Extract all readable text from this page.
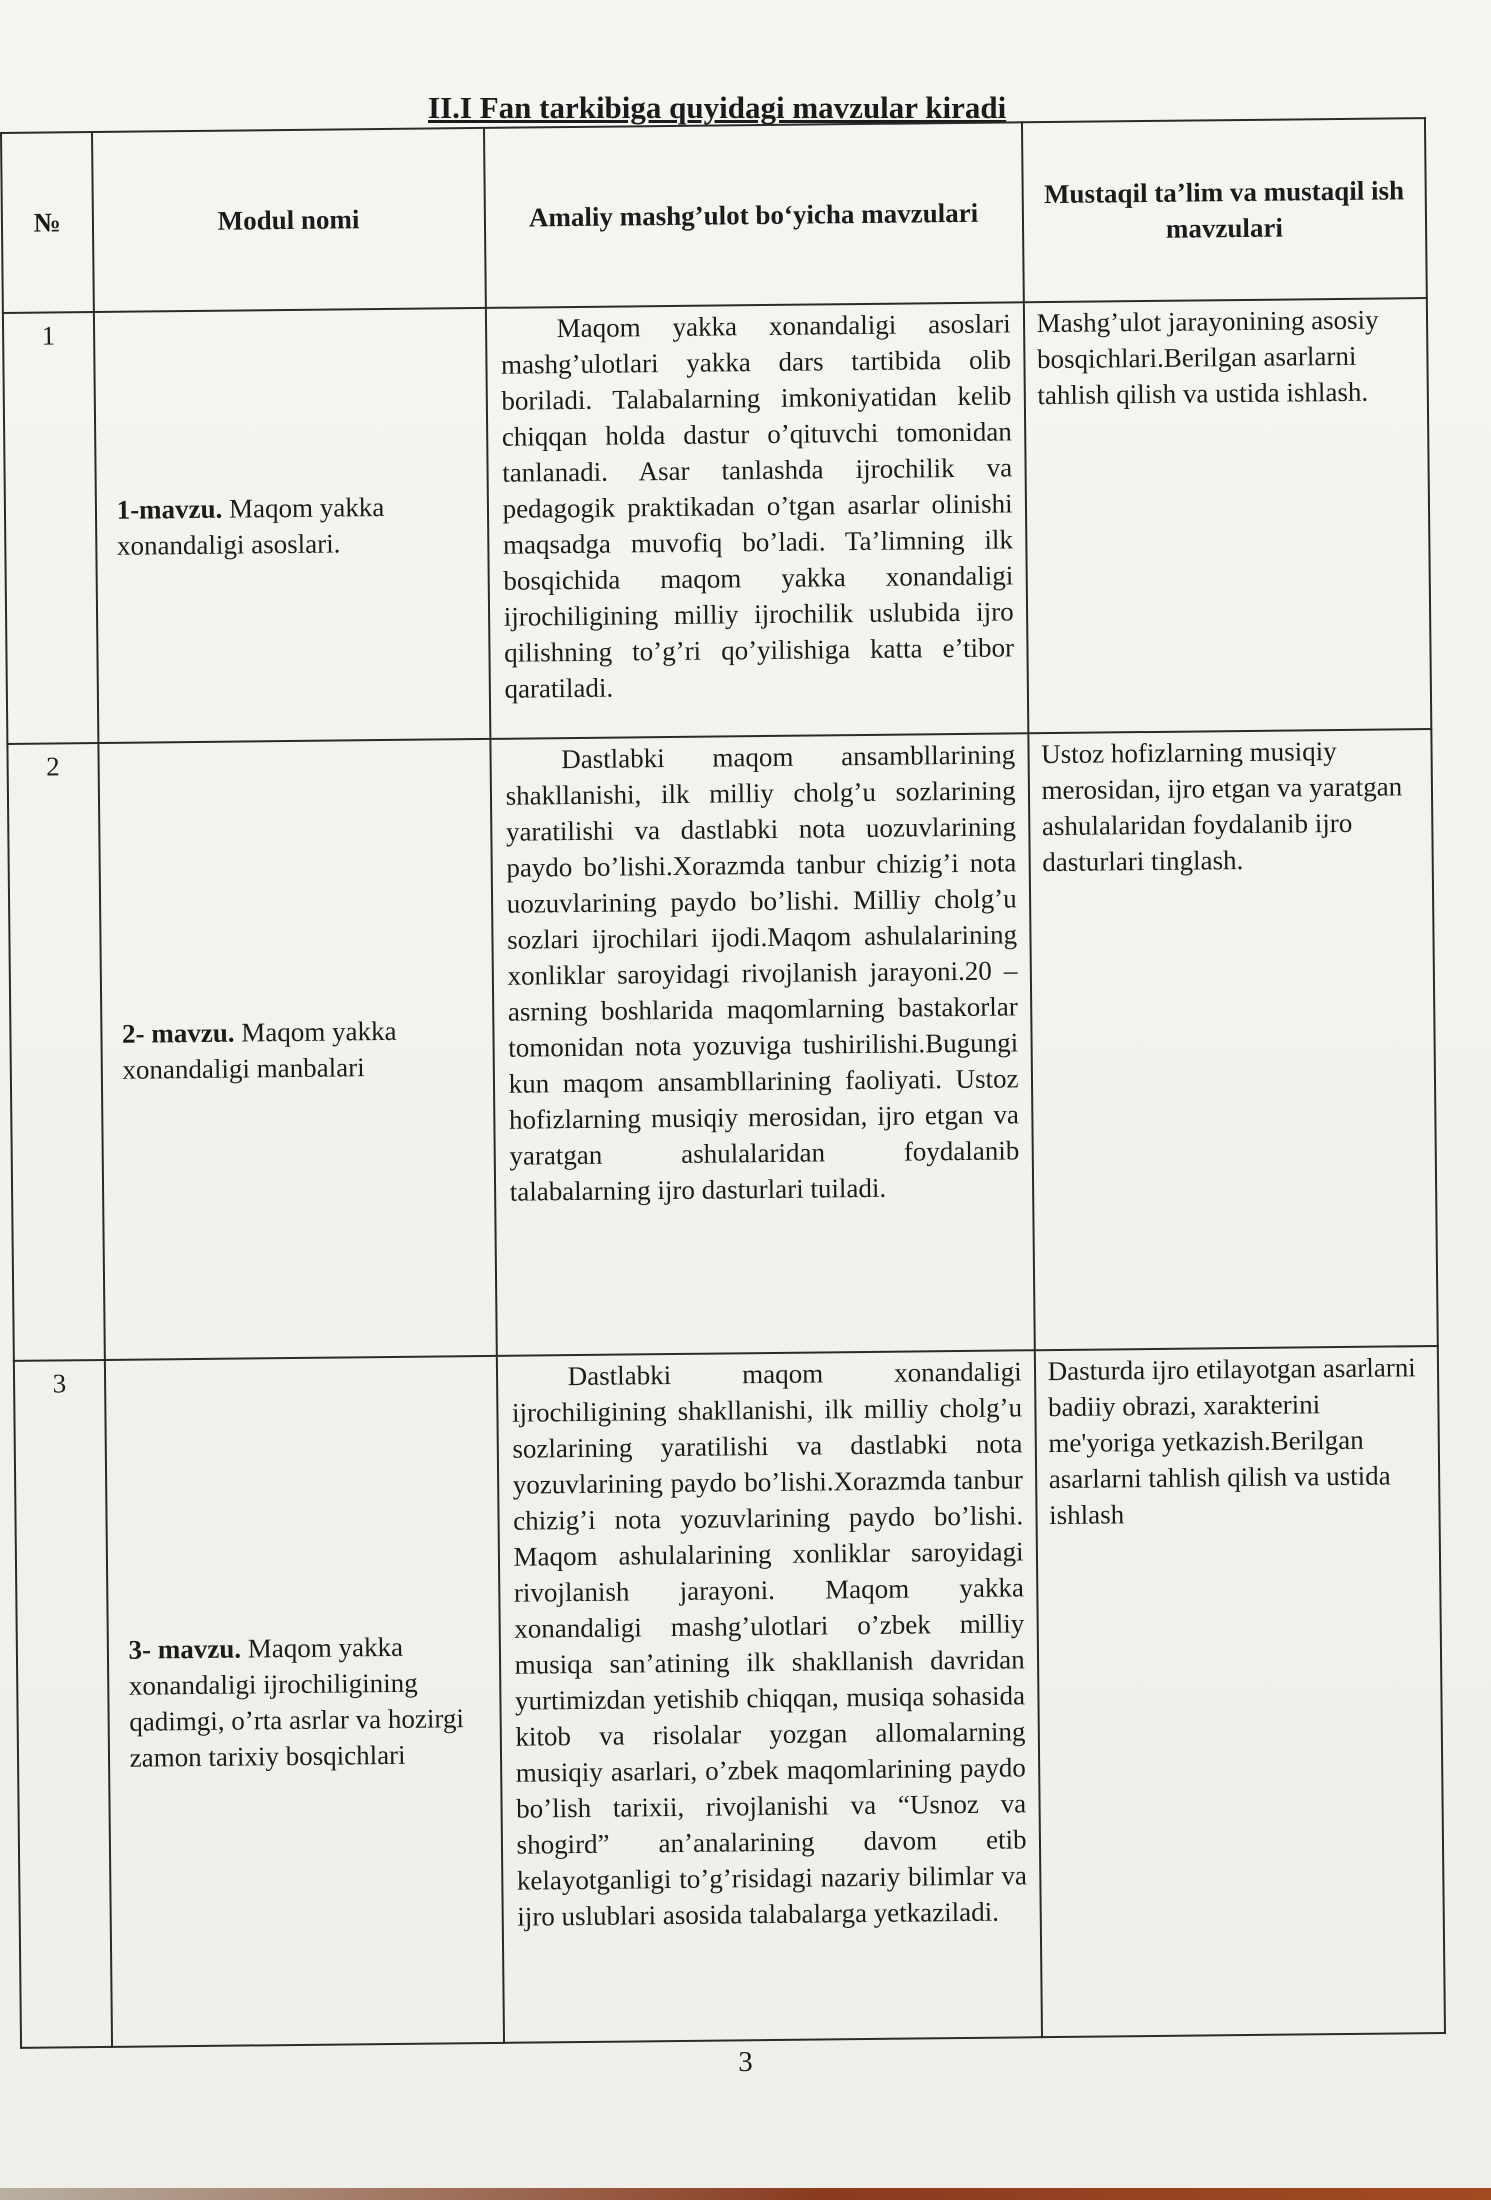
II.I Fan tarkibiga quyidagi mavzular kiradi
№	Modul nomi	Amaliy mashg’ulot bo‘yicha mavzulari	Mustaqil ta’lim va mustaqil ish mavzulari
1	1-mavzu. Maqom yakka xonandaligi asoslari.	Maqom yakka xonandaligi asoslari mashg’ulotlari yakka dars tartibida olib boriladi. Talabalarning imkoniyatidan kelib chiqqan holda dastur o’qituvchi tomonidan tanlanadi. Asar tanlashda ijrochilik va pedagogik praktikadan o’tgan asarlar olinishi maqsadga muvofiq bo’ladi. Ta’limning ilk bosqichida maqom yakka xonandaligi ijrochiligining milliy ijrochilik uslubida ijro qilishning to’g’ri qo’yilishiga katta e’tibor qaratiladi.	Mashg’ulot jarayonining asosiy bosqichlari.Berilgan asarlarni tahlish qilish va ustida ishlash.
2	2- mavzu. Maqom yakka xonandaligi manbalari	Dastlabki maqom ansambllarining shakllanishi, ilk milliy cholg’u sozlarining yaratilishi va dastlabki nota uozuvlarining paydo bo’lishi.Xorazmda tanbur chizig’i nota uozuvlarining paydo bo’lishi. Milliy cholg’u sozlari ijrochilari ijodi.Maqom ashulalarining xonliklar saroyidagi rivojlanish jarayoni.20 – asrning boshlarida maqomlarning bastakorlar tomonidan nota yozuviga tushirilishi.Bugungi kun maqom ansambllarining faoliyati. Ustoz hofizlarning musiqiy merosidan, ijro etgan va yaratgan ashulalaridan foydalanib talabalarning ijro dasturlari tuiladi.	Ustoz hofizlarning musiqiy merosidan, ijro etgan va yaratgan ashulalaridan foydalanib ijro dasturlari tinglash.
3	3- mavzu. Maqom yakka xonandaligi ijrochiligining qadimgi, o’rta asrlar va hozirgi zamon tarixiy bosqichlari	Dastlabki maqom xonandaligi ijrochiligining shakllanishi, ilk milliy cholg’u sozlarining yaratilishi va dastlabki nota yozuvlarining paydo bo’lishi.Xorazmda tanbur chizig’i nota yozuvlarining paydo bo’lishi. Maqom ashulalarining xonliklar saroyidagi rivojlanish jarayoni. Maqom yakka xonandaligi mashg’ulotlari o’zbek milliy musiqa san’atining ilk shakllanish davridan yurtimizdan yetishib chiqqan, musiqa sohasida kitob va risolalar yozgan allomalarning musiqiy asarlari, o’zbek maqomlarining paydo bo’lish tarixii, rivojlanishi va “Usnoz va shogird” an’analarining davom etib kelayotganligi to’g’risidagi nazariy bilimlar va ijro uslublari asosida talabalarga yetkaziladi.	Dasturda ijro etilayotgan asarlarni badiiy obrazi, xarakterini me'yoriga yetkazish.Berilgan asarlarni tahlish qilish va ustida ishlash
3
